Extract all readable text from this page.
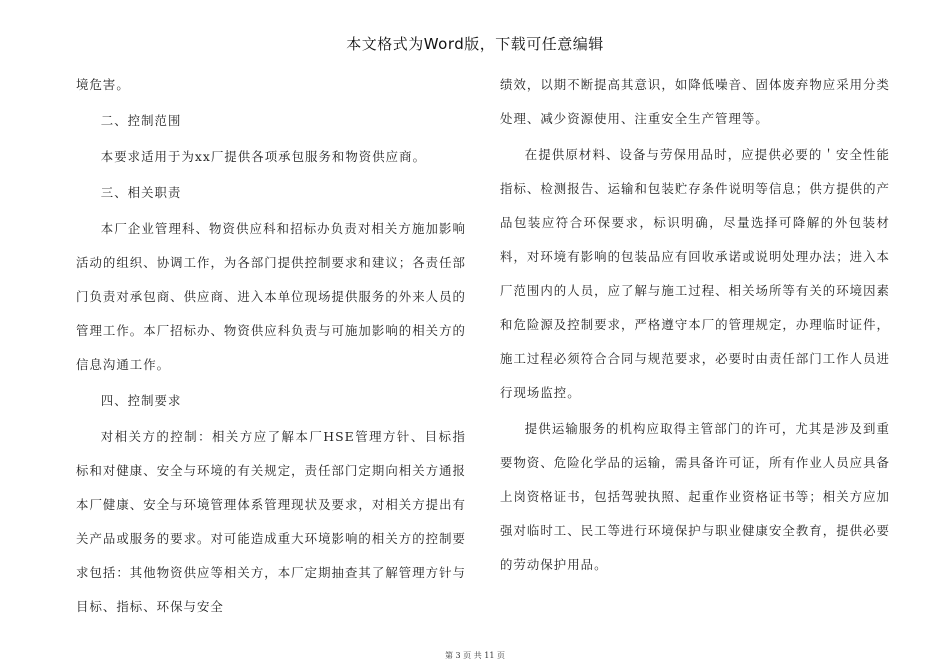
本文格式为Word版，下载可任意编辑

境危害。

二、控制范围

本要求适用于为xx厂提供各项承包服务和物资供应商。

三、相关职责

本厂企业管理科、物资供应科和招标办负责对相关方施加影响活动的组织、协调工作，为各部门提供控制要求和建议；各责任部门负责对承包商、供应商、进入本单位现场提供服务的外来人员的管理工作。本厂招标办、物资供应科负责与可施加影响的相关方的信息沟通工作。

四、控制要求

对相关方的控制：相关方应了解本厂HSE管理方针、目标指标和对健康、安全与环境的有关规定，责任部门定期向相关方通报本厂健康、安全与环境管理体系管理现状及要求，对相关方提出有关产品或服务的要求。对可能造成重大环境影响的相关方的控制要求包括：其他物资供应等相关方，本厂定期抽查其了解管理方针与目标、指标、环保与安全

绩效，以期不断提高其意识，如降低噪音、固体废弃物应采用分类处理、减少资源使用、注重安全生产管理等。

在提供原材料、设备与劳保用品时，应提供必要的＇安全性能指标、检测报告、运输和包装贮存条件说明等信息；供方提供的产品包装应符合环保要求，标识明确，尽量选择可降解的外包装材料，对环境有影响的包装品应有回收承诺或说明处理办法；进入本厂范围内的人员，应了解与施工过程、相关场所等有关的环境因素和危险源及控制要求，严格遵守本厂的管理规定，办理临时证件，施工过程必须符合合同与规范要求，必要时由责任部门工作人员进行现场监控。

提供运输服务的机构应取得主管部门的许可，尤其是涉及到重要物资、危险化学品的运输，需具备许可证，所有作业人员应具备上岗资格证书，包括驾驶执照、起重作业资格证书等；相关方应加强对临时工、民工等进行环境保护与职业健康安全教育，提供必要的劳动保护用品。

第 3 页 共 11 页
